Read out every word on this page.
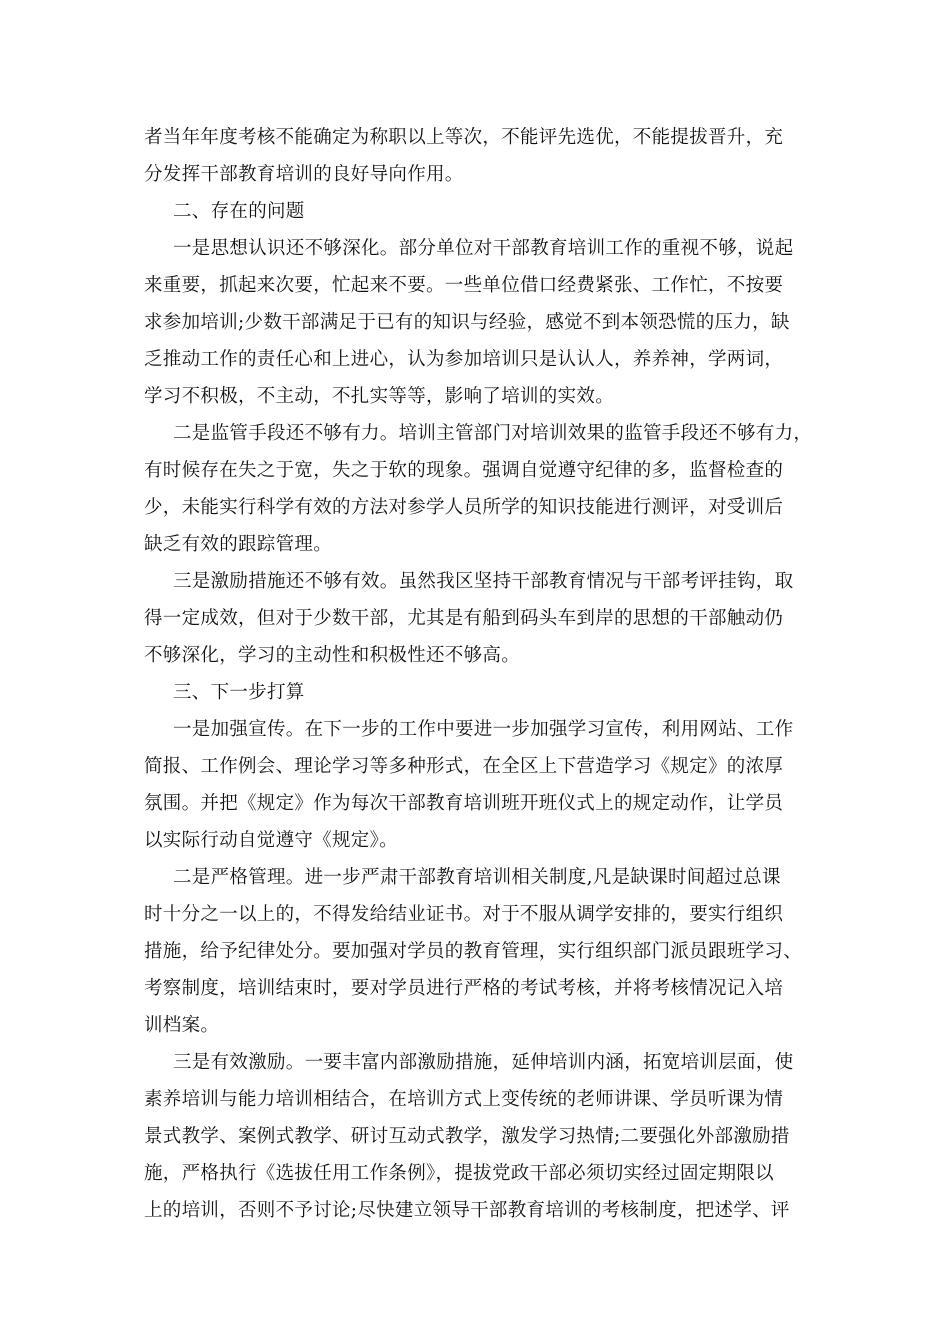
者当年年度考核不能确定为称职以上等次，不能评先选优，不能提拔晋升，充
分发挥干部教育培训的良好导向作用。

二、存在的问题

一是思想认识还不够深化。部分单位对干部教育培训工作的重视不够，说起
来重要，抓起来次要，忙起来不要。一些单位借口经费紧张、工作忙，不按要
求参加培训;少数干部满足于已有的知识与经验，感觉不到本领恐慌的压力，缺
乏推动工作的责任心和上进心，认为参加培训只是认认人，养养神，学两词，
学习不积极，不主动，不扎实等等，影响了培训的实效。

二是监管手段还不够有力。培训主管部门对培训效果的监管手段还不够有力，
有时候存在失之于宽，失之于软的现象。强调自觉遵守纪律的多，监督检查的
少，未能实行科学有效的方法对参学人员所学的知识技能进行测评，对受训后
缺乏有效的跟踪管理。

三是激励措施还不够有效。虽然我区坚持干部教育情况与干部考评挂钩，取
得一定成效，但对于少数干部，尤其是有船到码头车到岸的思想的干部触动仍
不够深化，学习的主动性和积极性还不够高。

三、下一步打算

一是加强宣传。在下一步的工作中要进一步加强学习宣传，利用网站、工作
简报、工作例会、理论学习等多种形式，在全区上下营造学习《规定》的浓厚
氛围。并把《规定》作为每次干部教育培训班开班仪式上的规定动作，让学员
以实际行动自觉遵守《规定》。

二是严格管理。进一步严肃干部教育培训相关制度,凡是缺课时间超过总课
时十分之一以上的，不得发给结业证书。对于不服从调学安排的，要实行组织
措施，给予纪律处分。要加强对学员的教育管理，实行组织部门派员跟班学习、
考察制度，培训结束时，要对学员进行严格的考试考核，并将考核情况记入培
训档案。

三是有效激励。一要丰富内部激励措施，延伸培训内涵，拓宽培训层面，使
素养培训与能力培训相结合，在培训方式上变传统的老师讲课、学员听课为情
景式教学、案例式教学、研讨互动式教学，激发学习热情;二要强化外部激励措
施，严格执行《选拔任用工作条例》，提拔党政干部必须切实经过固定期限以
上的培训，否则不予讨论;尽快建立领导干部教育培训的考核制度，把述学、评
